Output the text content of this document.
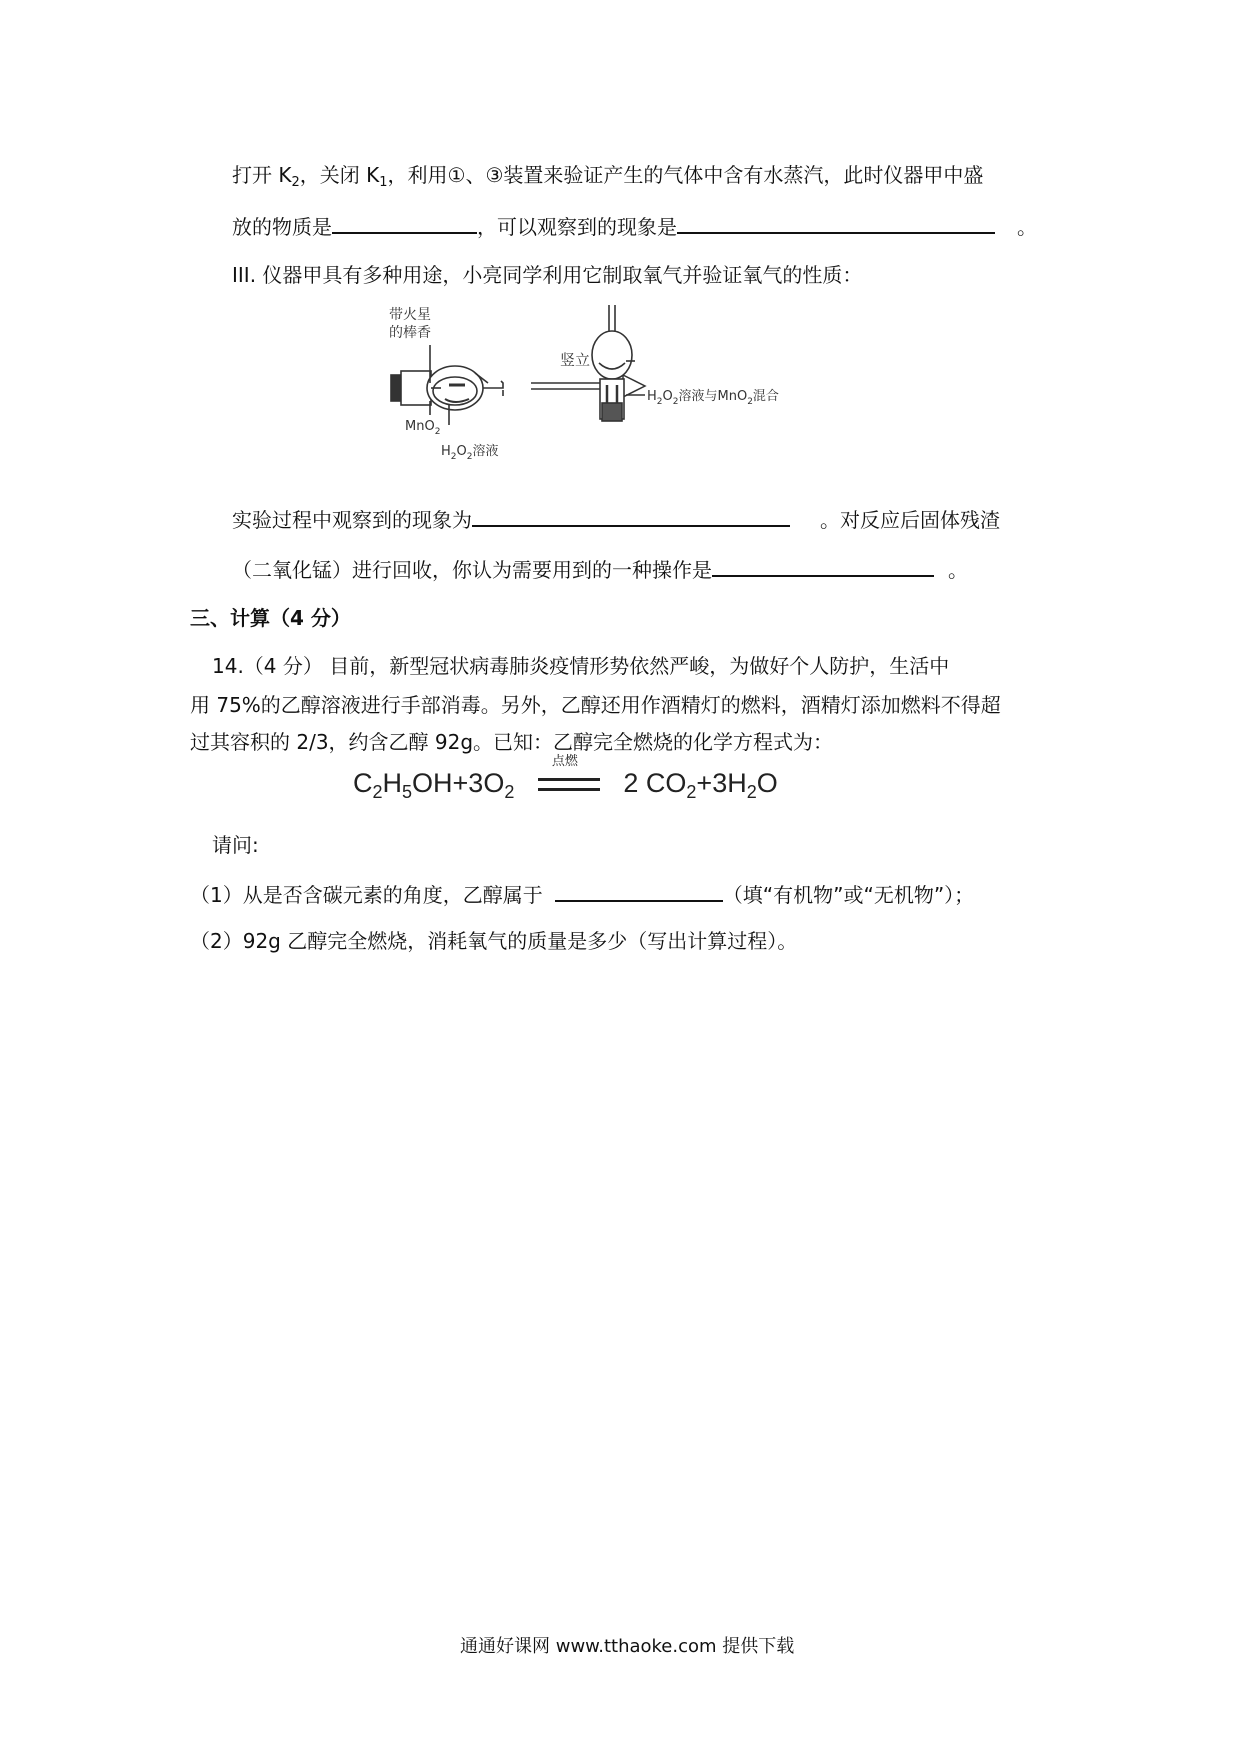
打开 $K_2$，关闭 $K_1$，利用①、③装置来验证产生的气体中含有水蒸汽，此时仪器甲中盛
放的物质是	，可以观察到的现象是	。
III. 仪器甲具有多种用途，小亮同学利用它制取氧气并验证氧气的性质：
带火星
的棒香
MnO$_2$
$H_2O_2$溶液
竖立
$H_2O_2$溶液与MnO$_2$混合
实验过程中观察到的现象为	。对反应后固体残渣
（二氧化锰）进行回收，你认为需要用到的一种操作是	。
三、计算（4 分）
14.（4 分） 目前，新型冠状病毒肺炎疫情形势依然严峻，为做好个人防护，生活中
用 75%的乙醇溶液进行手部消毒。另外，乙醇还用作酒精灯的燃料，酒精灯添加燃料不得超
过其容积的 2/3，约含乙醇 92g。已知：乙醇完全燃烧的化学方程式为：
$C_2H_5OH+3O_2$
点燃
2 $CO_2+3H_2O$
请问:
（1）从是否含碳元素的角度，乙醇属于	（填“有机物”或“无机物”）；
（2）92g 乙醇完全燃烧，消耗氧气的质量是多少（写出计算过程）。
通通好课网 www.tthaoke.com 提供下载
